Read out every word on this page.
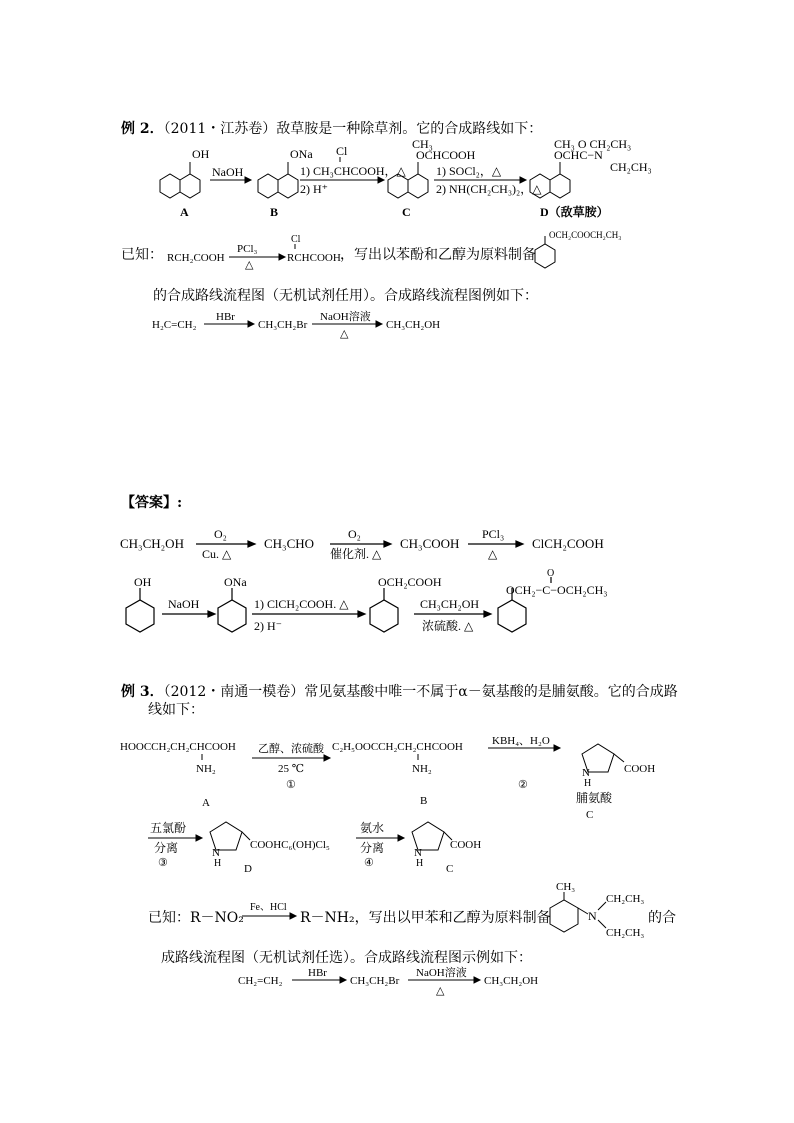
例 2．（2011・江苏卷）敌草胺是一种除草剂。它的合成路线如下：
OH
NaOH
ONa Cl
1) CH₃CHCOOH，△
2) H⁺
CH₃
OCHCOOH
1) SOCl₂，△
2) NH(CH₂CH₃)₂，△
CH₃ O CH₂CH₃
OCHC−N
CH₂CH₃
A	B	C	D（敌草胺）
已知： RCH₂COOH
PCl₃
△
Cl
RCHCOOH
OCH₂COOCH₂CH₃
，写出以苯酚和乙醇为原料制备
的合成路线流程图（无机试剂任用）。合成路线流程图例如下：
H₂C=CH₂
HBr
CH₃CH₂Br
NaOH溶液
△
CH₃CH₂OH
【答案】:
CH₃CH₂OH
O₂
Cu. △
CH₃CHO
O₂
催化剂. △
CH₃COOH
PCl₃
△
ClCH₂COOH
OH
NaOH
ONa
1) ClCH₂COOH. △
2) H⁻
OCH₂COOH
CH₃CH₂OH
浓硫酸. △
O
OCH₂−C−OCH₂CH₃
例 3．（2012・南通一模卷）常见氨基酸中唯一不属于α－氨基酸的是脯氨酸。它的合成路
线如下：
HOOCCH₂CH₂CHCOOH
NH₂
乙醇、浓硫酸
25 ℃
①
C₂H₅OOCCH₂CH₂CHCOOH
NH₂
KBH₄、H₂O
②
COOH
N
H
脯氨酸
A	B
C
五氯酚
分离
③
COOHC₆(OH)Cl₅
N
H D
氨水
分离
④
COOH
N
H C
已知：R－NO₂
Fe、HCl
R－NH₂，写出以甲苯和乙醇为原料制备
CH₃
N
CH₂CH₃
CH₂CH₃
的合
成路线流程图（无机试剂任选）。合成路线流程图示例如下：
CH₂=CH₂
HBr
CH₃CH₂Br
NaOH溶液
△
CH₃CH₂OH
